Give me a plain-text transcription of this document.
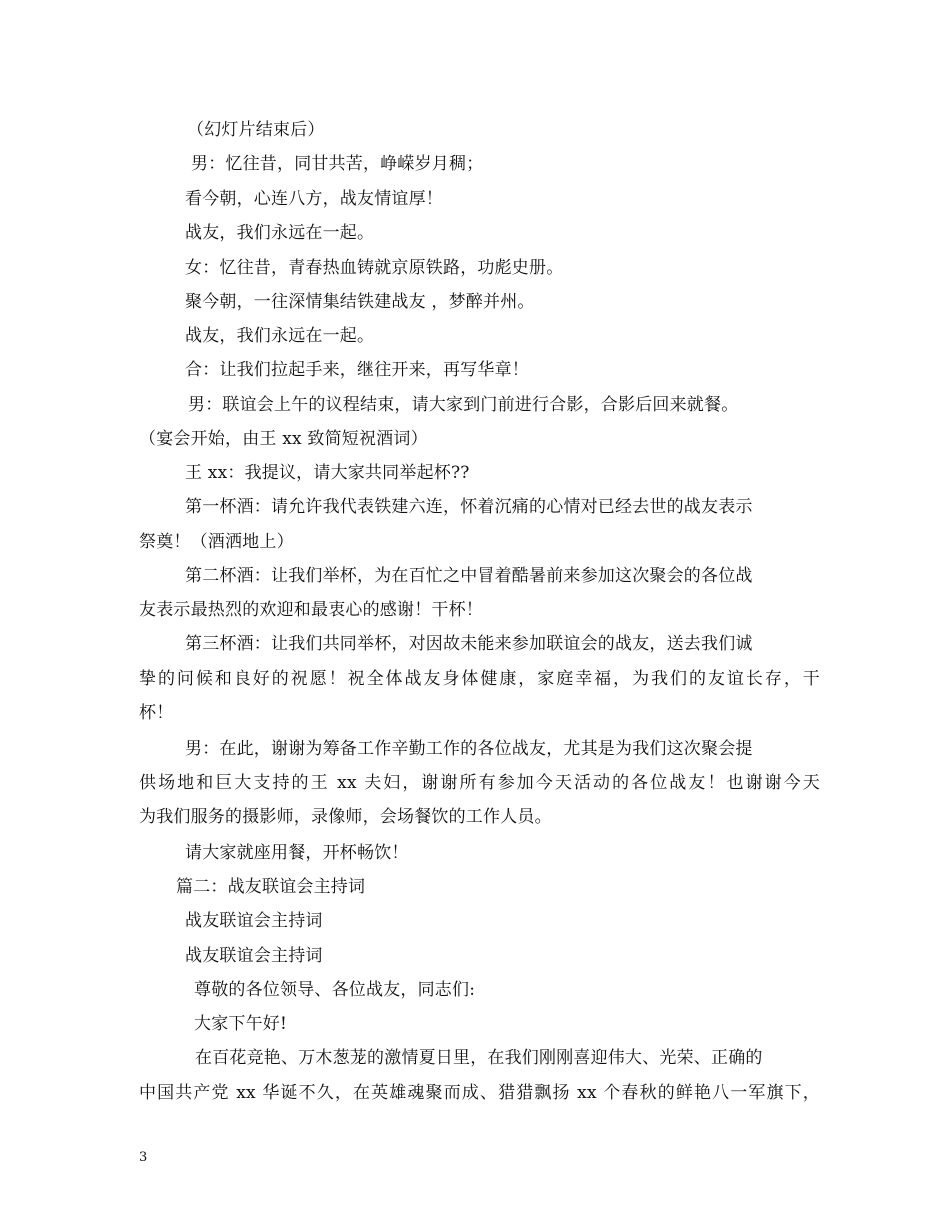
（幻灯片结束后）
男：忆往昔，同甘共苦，峥嵘岁月稠；
看今朝，心连八方，战友情谊厚！
战友，我们永远在一起。
女：忆往昔，青春热血铸就京原铁路，功彪史册。
聚今朝，一往深情集结铁建战友 ，梦醉并州。
战友，我们永远在一起。
合：让我们拉起手来，继往开来，再写华章！
男：联谊会上午的议程结束，请大家到门前进行合影，合影后回来就餐。
（宴会开始，由王 xx 致简短祝酒词）
王 xx：我提议，请大家共同举起杯??
第一杯酒：请允许我代表铁建六连，怀着沉痛的心情对已经去世的战友表示
祭奠！（酒洒地上）
第二杯酒：让我们举杯，为在百忙之中冒着酷暑前来参加这次聚会的各位战
友表示最热烈的欢迎和最衷心的感谢！干杯！
第三杯酒：让我们共同举杯，对因故未能来参加联谊会的战友，送去我们诚
挚的问候和良好的祝愿！祝全体战友身体健康，家庭幸福，为我们的友谊长存，干
杯！
男：在此，谢谢为筹备工作辛勤工作的各位战友，尤其是为我们这次聚会提
供场地和巨大支持的王 xx 夫妇，谢谢所有参加今天活动的各位战友！也谢谢今天
为我们服务的摄影师，录像师，会场餐饮的工作人员。
请大家就座用餐，开杯畅饮！
篇二：战友联谊会主持词
战友联谊会主持词
战友联谊会主持词
尊敬的各位领导、各位战友，同志们:
大家下午好!
在百花竞艳、万木葱茏的激情夏日里，在我们刚刚喜迎伟大、光荣、正确的
中国共产党 xx 华诞不久，在英雄魂聚而成、猎猎飘扬 xx 个春秋的鲜艳八一军旗下，
3
